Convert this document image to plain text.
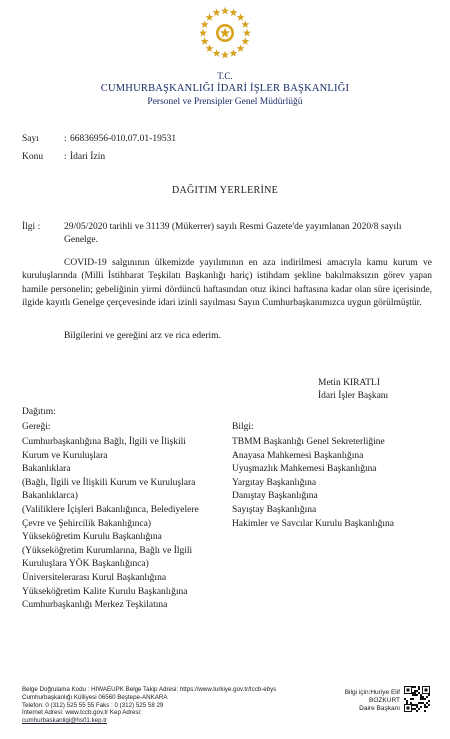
T.C.
CUMHURBAŞKANLIĞI İDARİ İŞLER BAŞKANLIĞI
Personel ve Prensipler Genel Müdürlüğü
Sayı	: 66836956-010.07.01-19531
Konu : İdari İzin
DAĞITIM YERLERİNE
İlgi :	29/05/2020 tarihli ve 31139 (Mükerrer) sayılı Resmi Gazete'de yayımlanan 2020/8 sayılı Genelge.

COVID-19 salgınının ülkemizde yayılımının en aza indirilmesi amacıyla kamu kurum ve kuruluşlarında (Milli İstihbarat Teşkilatı Başkanlığı hariç) istihdam şekline bakılmaksızın görev yapan hamile personelin; gebeliğinin yirmi dördüncü haftasından otuz ikinci haftasına kadar olan süre içerisinde, ilgide kayıtlı Genelge çerçevesinde idari izinli sayılması Sayın Cumhurbaşkanımızca uygun görülmüştür.

Bilgilerini ve gereğini arz ve rica ederim.
Metin KIRATLI
İdari İşler Başkanı
Dağıtım:
Gereği:	Bilgi:
Cumhurbaşkanlığına Bağlı, İlgili ve İlişkili
Kurum ve Kuruluşlara
Bakanlıklara
(Bağlı, İlgili ve İlişkili Kurum ve Kuruluşlara
Bakanlıklarca)
(Valiliklere İçişleri Bakanlığınca, Belediyelere
Çevre ve Şehircilik Bakanlığınca)
Yükseköğretim Kurulu Başkanlığına
(Yükseköğretim Kurumlarına, Bağlı ve İlgili
Kuruluşlara YÖK Başkanlığınca)
Üniversitelerarası Kurul Başkanlığına
Yükseköğretim Kalite Kurulu Başkanlığına
Cumhurbaşkanlığı Merkez Teşkilatına
TBMM Başkanlığı Genel Sekreterliğine
Anayasa Mahkemesi Başkanlığına
Uyuşmazlık Mahkemesi Başkanlığına
Yargıtay Başkanlığına
Danıştay Başkanlığına
Sayıştay Başkanlığına
Hakimler ve Savcılar Kurulu Başkanlığına
Belge Doğrulama Kodu : HIWAEUPK Belge Takip Adresi: https://www.turkiye.gov.tr/tccb-ebys
Cumhurbaşkanlığı Külliyesi 06560 Beştepe-ANKARA
Telefon: 0 (312) 525 55 55 Faks : 0 (312) 525 58 29
İnternet Adresi: www.tccb.gov.tr Kep Adresi:
cumhurbaskanligi@hs01.kep.tr
Bilgi için:Huriye Elif
BOZKURT
Daire Başkanı
